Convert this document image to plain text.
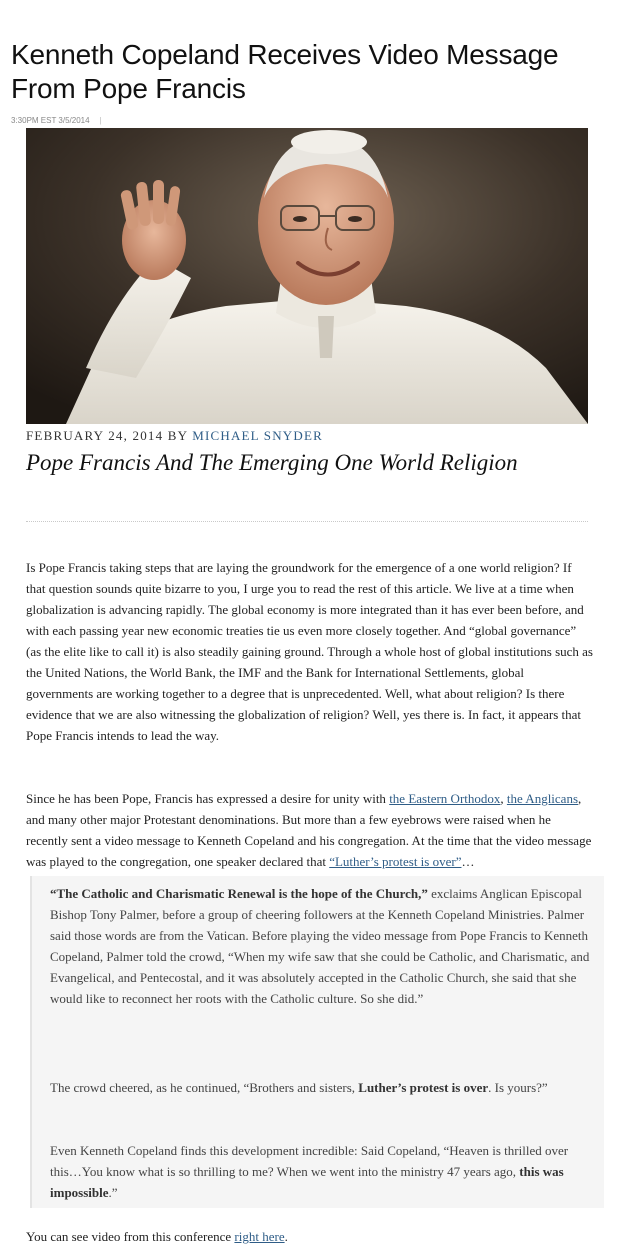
Kenneth Copeland Receives Video Message From Pope Francis
3:30PM EST 3/5/2014 |
FEBRUARY 24, 2014 BY MICHAEL SNYDER
Pope Francis And The Emerging One World Religion

Is Pope Francis taking steps that are laying the groundwork for the emergence of a one world religion? If that question sounds quite bizarre to you, I urge you to read the rest of this article. We live at a time when globalization is advancing rapidly. The global economy is more integrated than it has ever been before, and with each passing year new economic treaties tie us even more closely together. And “global governance” (as the elite like to call it) is also steadily gaining ground. Through a whole host of global institutions such as the United Nations, the World Bank, the IMF and the Bank for International Settlements, global governments are working together to a degree that is unprecedented. Well, what about religion? Is there evidence that we are also witnessing the globalization of religion? Well, yes there is. In fact, it appears that Pope Francis intends to lead the way.

Since he has been Pope, Francis has expressed a desire for unity with the Eastern Orthodox, the Anglicans, and many other major Protestant denominations. But more than a few eyebrows were raised when he recently sent a video message to Kenneth Copeland and his congregation. At the time that the video message was played to the congregation, one speaker declared that “Luther’s protest is over”…

“The Catholic and Charismatic Renewal is the hope of the Church,” exclaims Anglican Episcopal Bishop Tony Palmer, before a group of cheering followers at the Kenneth Copeland Ministries. Palmer said those words are from the Vatican. Before playing the video message from Pope Francis to Kenneth Copeland, Palmer told the crowd, “When my wife saw that she could be Catholic, and Charismatic, and Evangelical, and Pentecostal, and it was absolutely accepted in the Catholic Church, she said that she would like to reconnect her roots with the Catholic culture. So she did.”

The crowd cheered, as he continued, “Brothers and sisters, Luther’s protest is over. Is yours?”

Even Kenneth Copeland finds this development incredible: Said Copeland, “Heaven is thrilled over this…You know what is so thrilling to me? When we went into the ministry 47 years ago, this was impossible.”

You can see video from this conference right here.
